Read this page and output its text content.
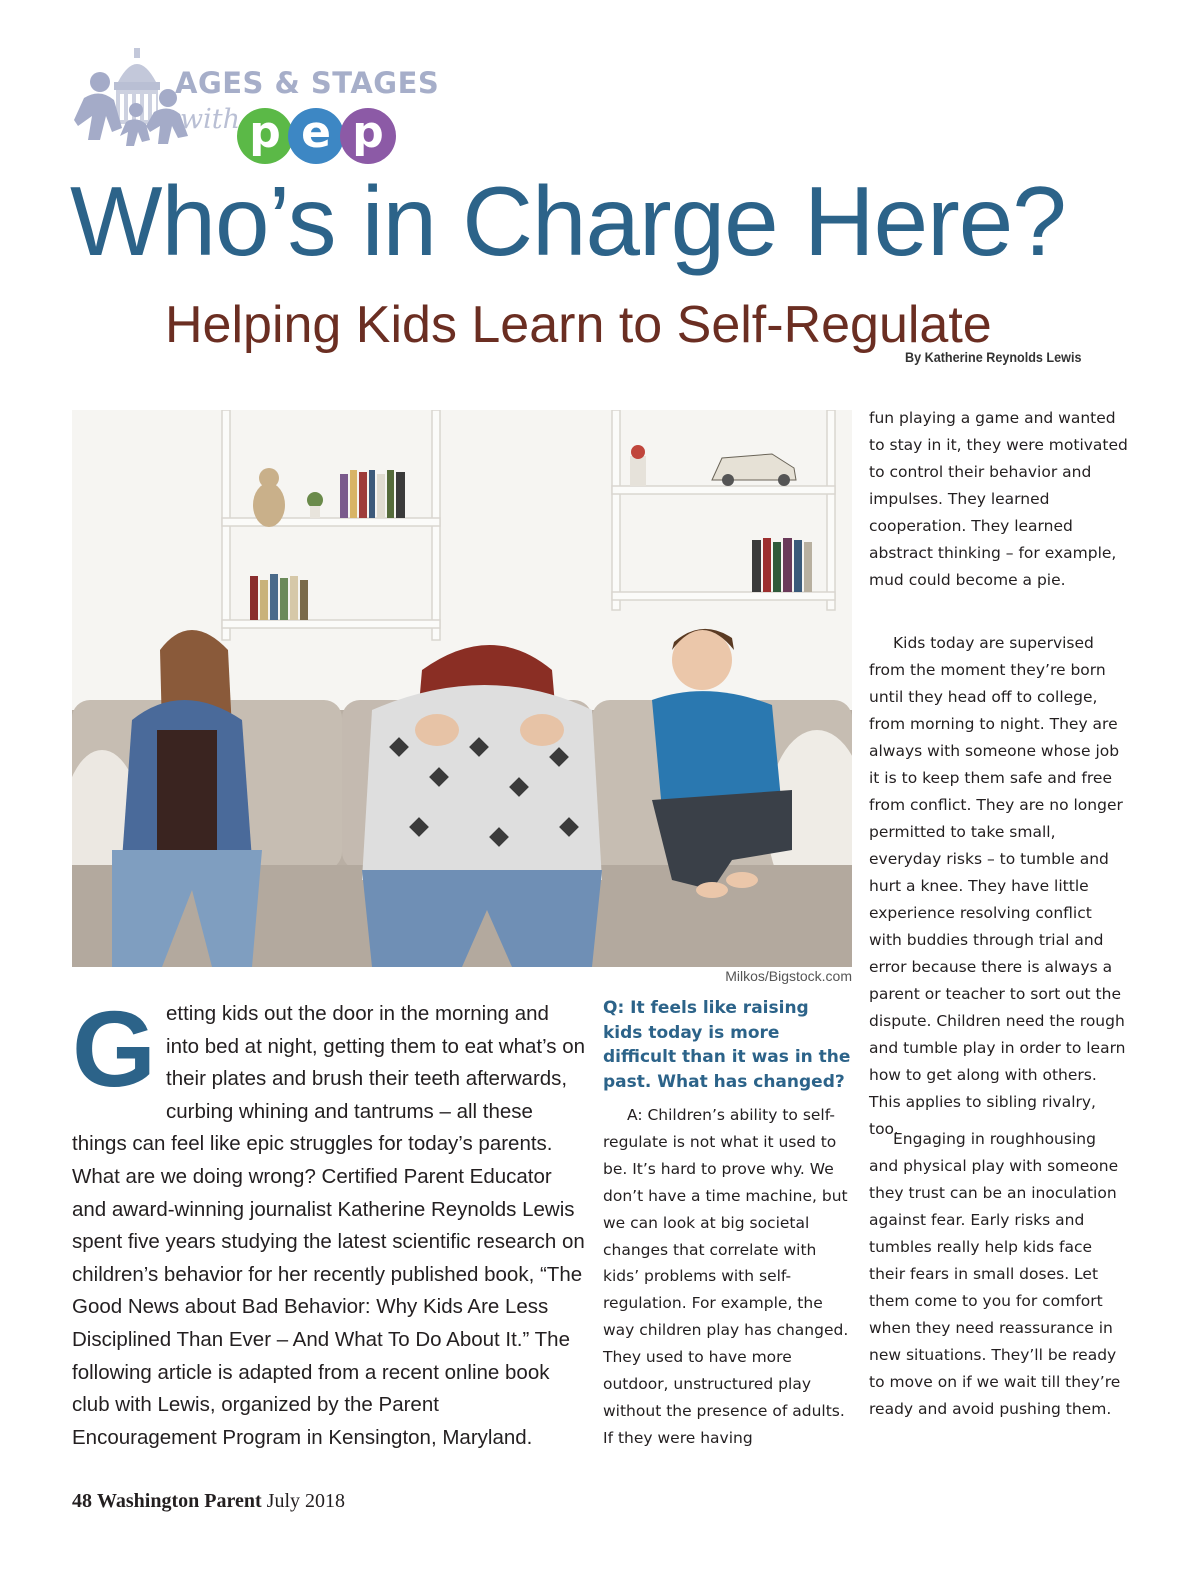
AGES & STAGES
with p e p
Who’s in Charge Here?
Helping Kids Learn to Self-Regulate
By Katherine Reynolds Lewis
Milkos/Bigstock.com
Getting kids out the door in the morning and into bed at night, getting them to eat what’s on their plates and brush their teeth afterwards, curbing whining and tantrums – all these things can feel like epic struggles for today’s parents. What are we doing wrong? Certified Parent Educator and award-winning journalist Katherine Reynolds Lewis spent five years studying the latest scientific research on children’s behavior for her recently published book, “The Good News about Bad Behavior: Why Kids Are Less Disciplined Than Ever – And What To Do About It.” The following article is adapted from a recent online book club with Lewis, organized by the Parent Encouragement Program in Kensington, Maryland.

Q: It feels like raising kids today is more difficult than it was in the past. What has changed?

A: Children’s ability to self-regulate is not what it used to be. It’s hard to prove why. We don’t have a time machine, but we can look at big societal changes that correlate with kids’ problems with self-regulation. For example, the way children play has changed. They used to have more outdoor, unstructured play without the presence of adults. If they were having

fun playing a game and wanted to stay in it, they were motivated to control their behavior and impulses. They learned cooperation. They learned abstract thinking – for example, mud could become a pie.

Kids today are supervised from the moment they’re born until they head off to college, from morning to night. They are always with someone whose job it is to keep them safe and free from conflict. They are no longer permitted to take small, everyday risks – to tumble and hurt a knee. They have little experience resolving conflict with buddies through trial and error because there is always a parent or teacher to sort out the dispute. Children need the rough and tumble play in order to learn how to get along with others. This applies to sibling rivalry, too.

Engaging in roughhousing and physical play with someone they trust can be an inoculation against fear. Early risks and tumbles really help kids face their fears in small doses. Let them come to you for comfort when they need reassurance in new situations. They’ll be ready to move on if we wait till they’re ready and avoid pushing them.

48 Washington Parent July 2018
